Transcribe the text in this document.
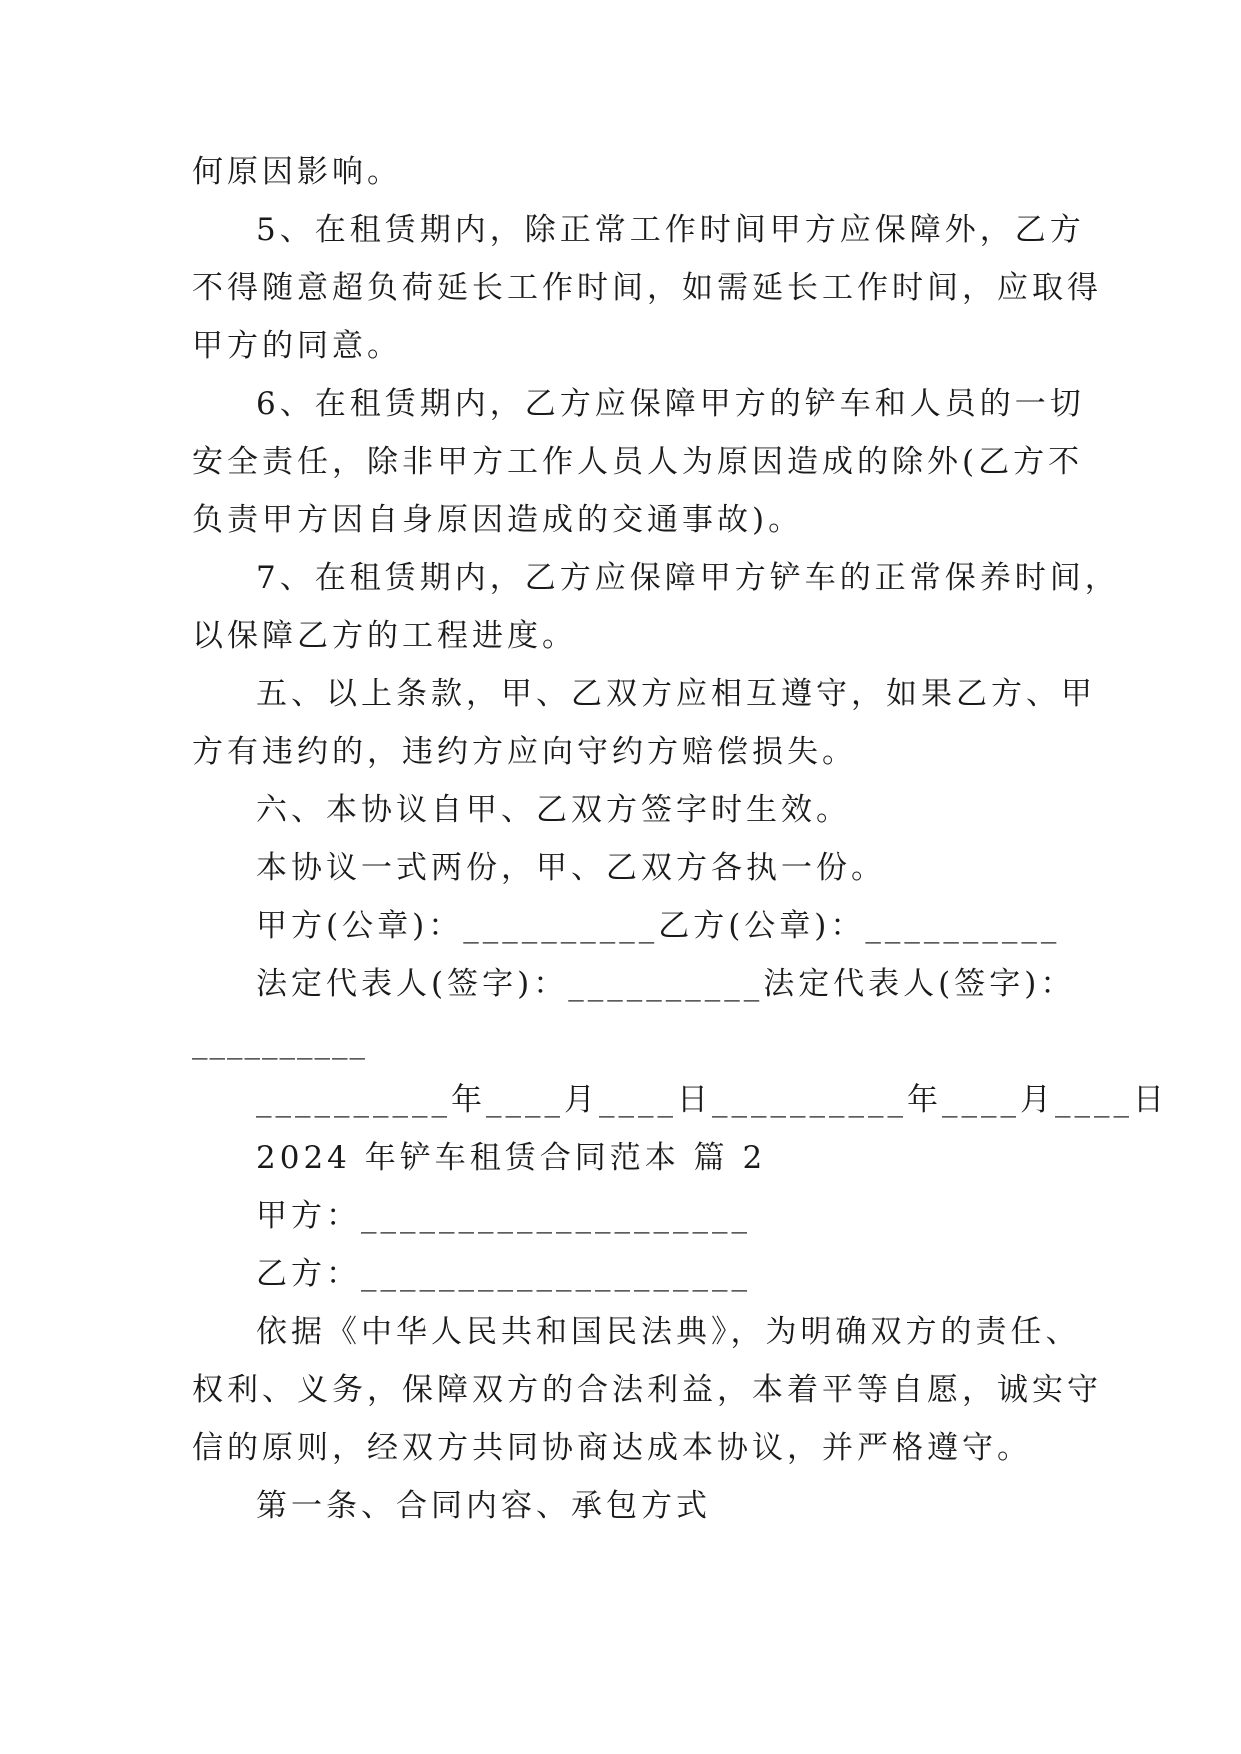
何原因影响。
5、在租赁期内，除正常工作时间甲方应保障外，乙方
不得随意超负荷延长工作时间，如需延长工作时间，应取得
甲方的同意。
6、在租赁期内，乙方应保障甲方的铲车和人员的一切
安全责任，除非甲方工作人员人为原因造成的除外(乙方不
负责甲方因自身原因造成的交通事故)。
7、在租赁期内，乙方应保障甲方铲车的正常保养时间，
以保障乙方的工程进度。
五、以上条款，甲、乙双方应相互遵守，如果乙方、甲
方有违约的，违约方应向守约方赔偿损失。
六、本协议自甲、乙双方签字时生效。
本协议一式两份，甲、乙双方各执一份。
甲方(公章)：__________乙方(公章)：__________
法定代表人(签字)：__________法定代表人(签字)：
__________
__________年____月____日__________年____月____日
2024 年铲车租赁合同范本 篇 2
甲方：____________________
乙方：____________________
依据《中华人民共和国民法典》，为明确双方的责任、
权利、义务，保障双方的合法利益，本着平等自愿，诚实守
信的原则，经双方共同协商达成本协议，并严格遵守。
第一条、合同内容、承包方式
